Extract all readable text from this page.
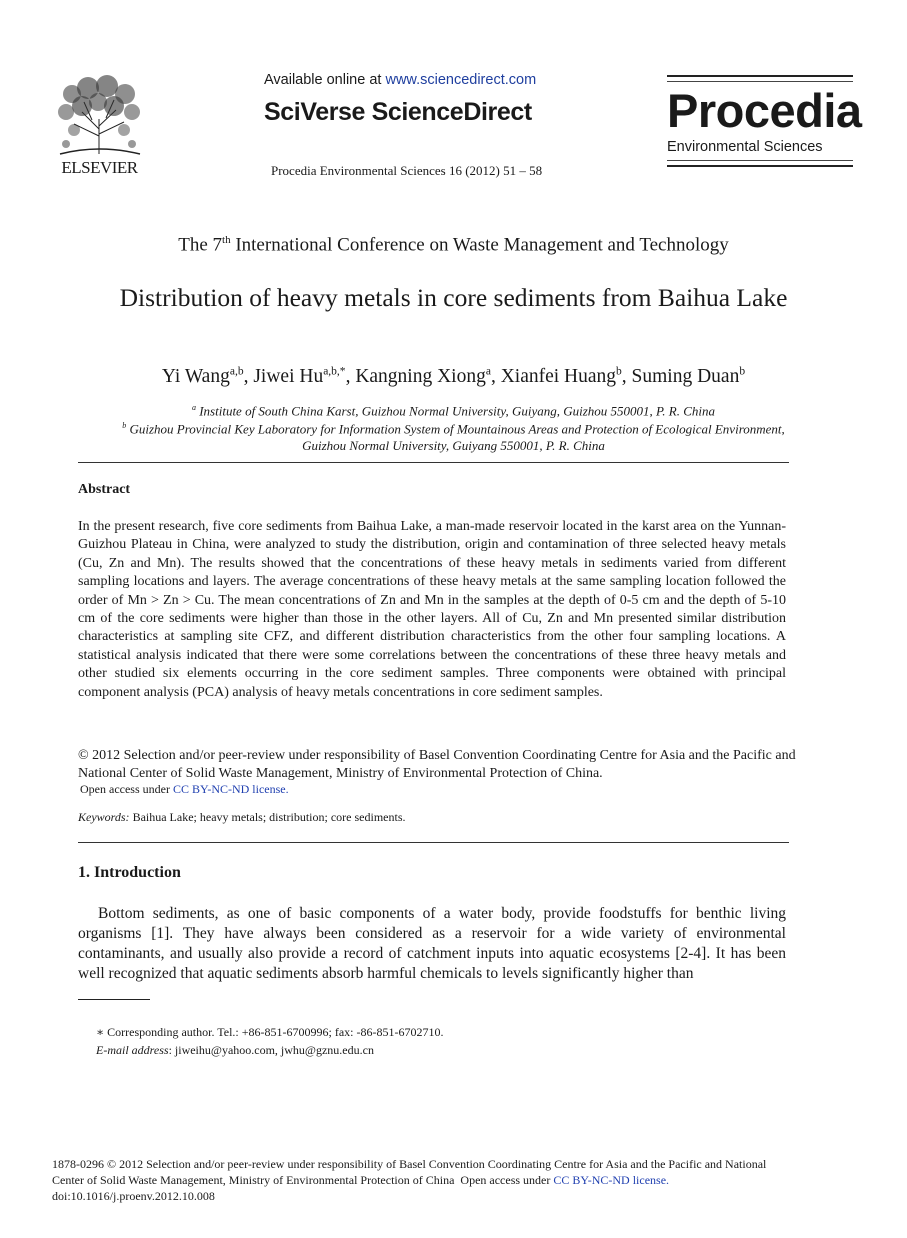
ELSEVIER
Available online at www.sciencedirect.com
SciVerse ScienceDirect
Procedia Environmental Sciences 16 (2012) 51 – 58
Procedia
Environmental Sciences
The 7th International Conference on Waste Management and Technology
Distribution of heavy metals in core sediments from Baihua Lake
Yi Wang$^{a,b}$, Jiwei $Hu^{a,b,*}$, Kangning Xiong$^a$, Xianfei Huang$^b$, Suming Duan$^b$
$^a$ Institute of South China Karst, Guizhou Normal University, Guiyang, Guizhou 550001, P. R. China
$^b$ Guizhou Provincial Key Laboratory for Information System of Mountainous Areas and Protection of Ecological Environment,
Guizhou Normal University, Guiyang 550001, P. R. China
Abstract
In the present research, five core sediments from Baihua Lake, a man-made reservoir located in the karst area on the Yunnan-Guizhou Plateau in China, were analyzed to study the distribution, origin and contamination of three selected heavy metals (Cu, Zn and Mn). The results showed that the concentrations of these heavy metals in sediments varied from different sampling locations and layers. The average concentrations of these heavy metals at the same sampling location followed the order of Mn > Zn > Cu. The mean concentrations of Zn and Mn in the samples at the depth of 0-5 cm and the depth of 5-10 cm of the core sediments were higher than those in the other layers. All of Cu, Zn and Mn presented similar distribution characteristics at sampling site CFZ, and different distribution characteristics from the other four sampling locations. A statistical analysis indicated that there were some correlations between the concentrations of these three heavy metals and other studied six elements occurring in the core sediment samples. Three components were obtained with principal component analysis (PCA) analysis of heavy metals concentrations in core sediment samples.
© 2012 Selection and/or peer-review under responsibility of Basel Convention Coordinating Centre for Asia and the Pacific and National Center of Solid Waste Management, Ministry of Environmental Protection of China.
Open access under CC BY-NC-ND license.
Keywords: Baihua Lake; heavy metals; distribution; core sediments.
1. Introduction
Bottom sediments, as one of basic components of a water body, provide foodstuffs for benthic living organisms [1]. They have always been considered as a reservoir for a wide variety of environmental contaminants, and usually also provide a record of catchment inputs into aquatic ecosystems [2-4]. It has been well recognized that aquatic sediments absorb harmful chemicals to levels significantly higher than
∗ Corresponding author. Tel.: +86-851-6700996; fax: -86-851-6702710.
E-mail address: jiweihu@yahoo.com, jwhu@gznu.edu.cn
1878-0296 © 2012 Selection and/or peer-review under responsibility of Basel Convention Coordinating Centre for Asia and the Pacific and National
Center of Solid Waste Management, Ministry of Environmental Protection of China Open access under CC BY-NC-ND license.
doi:10.1016/j.proenv.2012.10.008
